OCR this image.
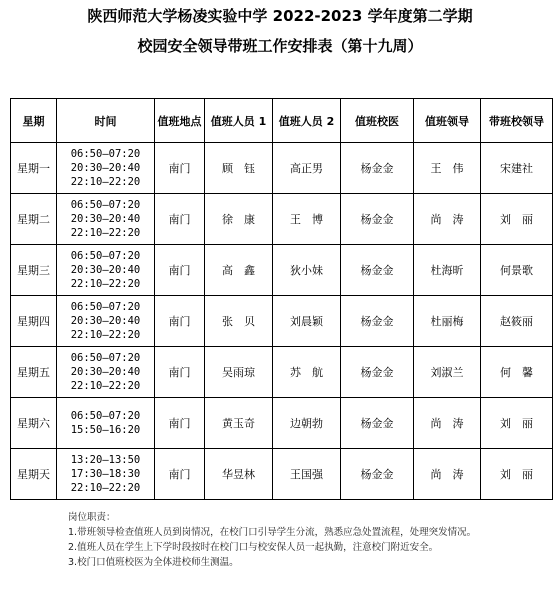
陕西师范大学杨凌实验中学 2022-2023 学年度第二学期
校园安全领导带班工作安排表（第十九周）
星期	时间	值班地点	值班人员 1	值班人员 2	值班校医	值班领导	带班校领导
星期一	06:50—07:20
20:30—20:40
22:10—22:20	南门	顾　钰	高正男	杨金金	王　伟	宋建社
星期二	06:50—07:20
20:30—20:40
22:10—22:20	南门	徐　康	王　博	杨金金	尚　涛	刘　丽
星期三	06:50—07:20
20:30—20:40
22:10—22:20	南门	高　鑫	狄小妹	杨金金	杜海昕	何景歌
星期四	06:50—07:20
20:30—20:40
22:10—22:20	南门	张　贝	刘晨颖	杨金金	杜丽梅	赵筱丽
星期五	06:50—07:20
20:30—20:40
22:10—22:20	南门	吴雨琼	苏　航	杨金金	刘淑兰	何　馨
星期六	06:50—07:20
15:50—16:20	南门	黄玉奇	边朝勃	杨金金	尚　涛	刘　丽
星期天	13:20—13:50
17:30—18:30
22:10—22:20	南门	华昱林	王国强	杨金金	尚　涛	刘　丽
岗位职责：
1.带班领导检查值班人员到岗情况，在校门口引导学生分流，熟悉应急处置流程，处理突发情况。
2.值班人员在学生上下学时段按时在校门口与校安保人员一起执勤，注意校门附近安全。
3.校门口值班校医为全体进校师生测温。
